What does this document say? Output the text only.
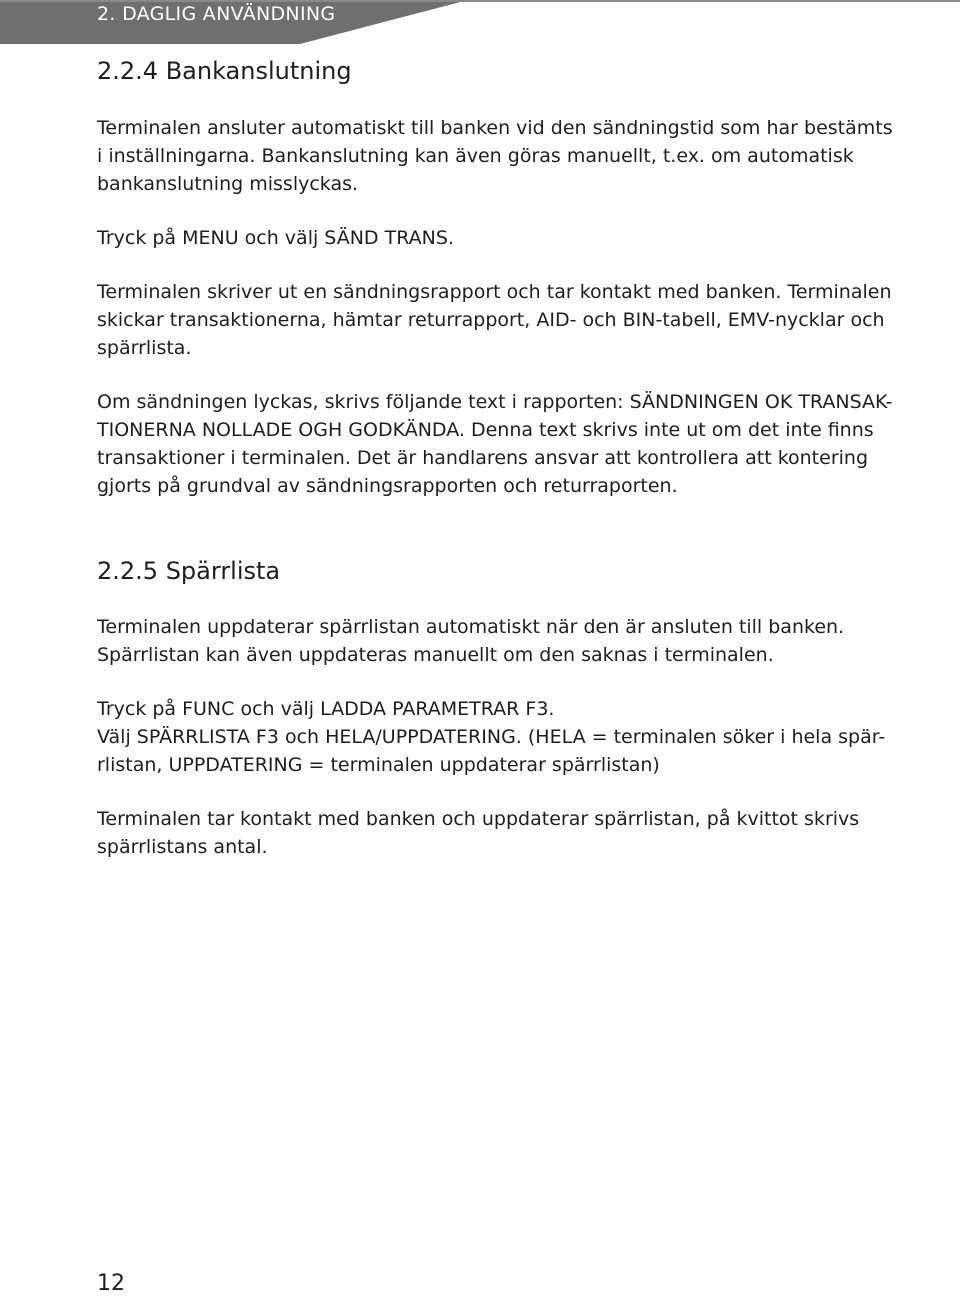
2. DAGLIG ANVÄNDNING
2.2.4 Bankanslutning

Terminalen ansluter automatiskt till banken vid den sändningstid som har bestämts
i inställningarna. Bankanslutning kan även göras manuellt, t.ex. om automatisk
bankanslutning misslyckas.

Tryck på MENU och välj SÄND TRANS.

Terminalen skriver ut en sändningsrapport och tar kontakt med banken. Terminalen
skickar transaktionerna, hämtar returrapport, AID- och BIN-tabell, EMV-nycklar och
spärrlista.

Om sändningen lyckas, skrivs följande text i rapporten: SÄNDNINGEN OK TRANSAK-
TIONERNA NOLLADE OGH GODKÄNDA. Denna text skrivs inte ut om det inte finns
transaktioner i terminalen. Det är handlarens ansvar att kontrollera att kontering
gjorts på grundval av sändningsrapporten och returraporten.

2.2.5 Spärrlista

Terminalen uppdaterar spärrlistan automatiskt när den är ansluten till banken.
Spärrlistan kan även uppdateras manuellt om den saknas i terminalen.

Tryck på FUNC och välj LADDA PARAMETRAR F3.
Välj SPÄRRLISTA F3 och HELA/UPPDATERING. (HELA = terminalen söker i hela spär-
rlistan, UPPDATERING = terminalen uppdaterar spärrlistan)

Terminalen tar kontakt med banken och uppdaterar spärrlistan, på kvittot skrivs
spärrlistans antal.

12
